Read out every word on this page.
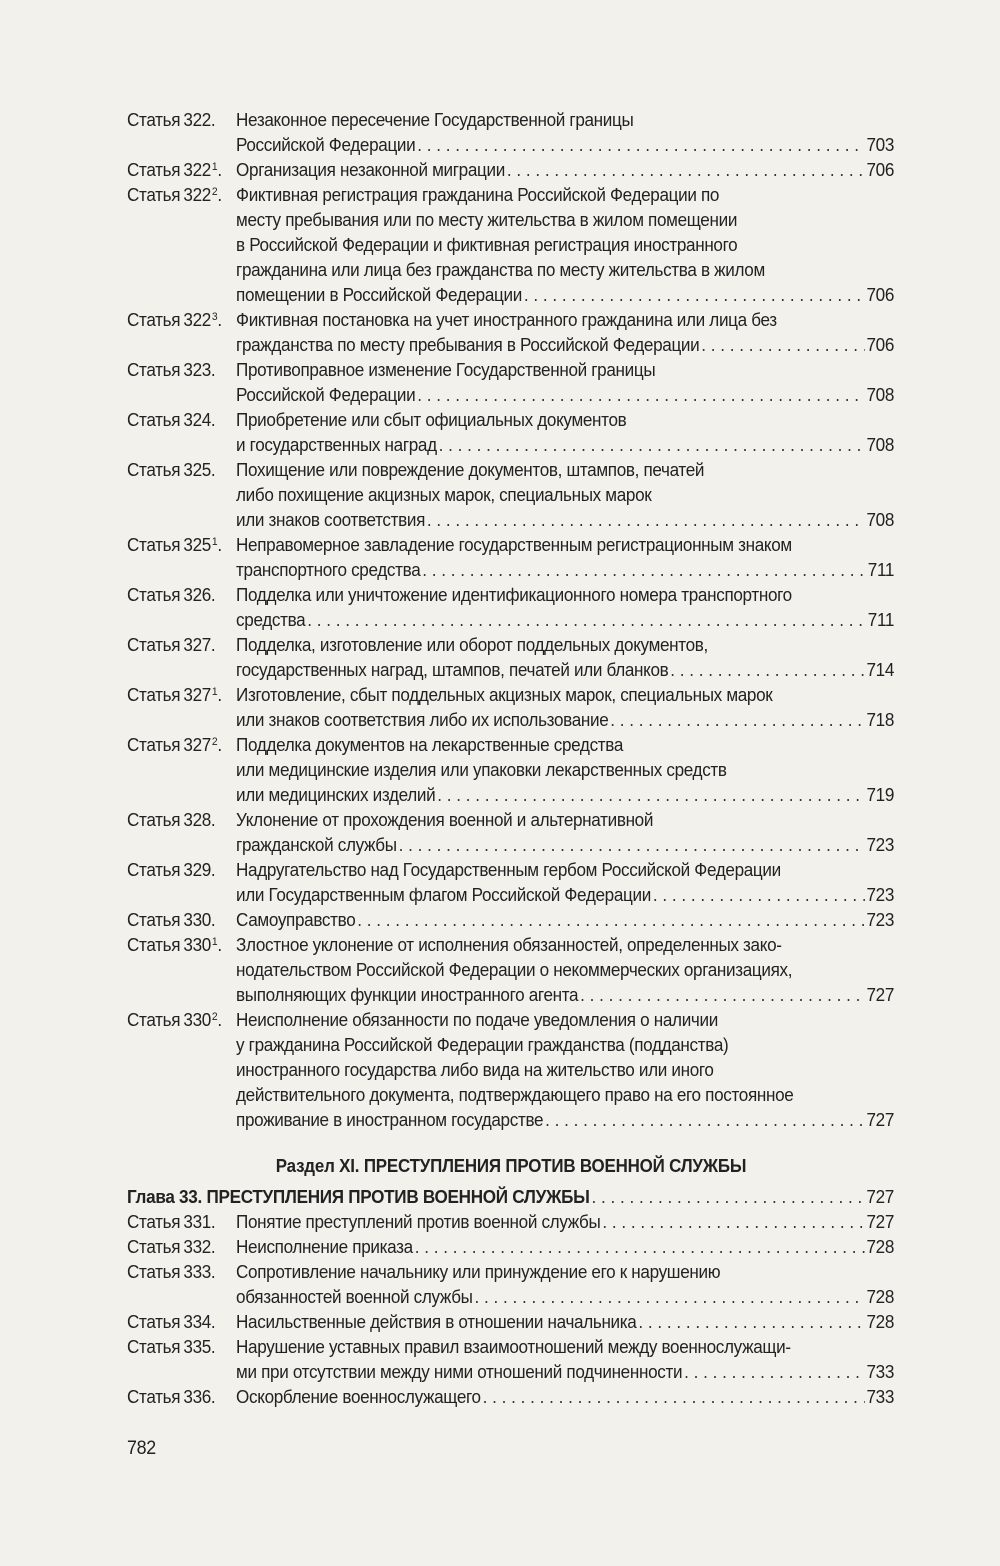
Статья 322.	Незаконное пересечение Государственной границы
Российской Федерации . . .	703
Статья $322^1$. Организация незаконной миграции . . .	706
Статья $322^2$. Фиктивная регистрация гражданина Российской Федерации по
месту пребывания или по месту жительства в жилом помещении
в Российской Федерации и фиктивная регистрация иностранного
гражданина или лица без гражданства по месту жительства в жилом
помещении в Российской Федерации . . .	706
Статья $322^3$. Фиктивная постановка на учет иностранного гражданина или лица без
гражданства по месту пребывания в Российской Федерации . . .	706
Статья 323.	Противоправное изменение Государственной границы
Российской Федерации . . .	708
Статья 324.	Приобретение или сбыт официальных документов
и государственных наград . . .	708
Статья 325.	Похищение или повреждение документов, штампов, печатей
либо похищение акцизных марок, специальных марок
или знаков соответствия . . .	708
Статья $325^1$. Неправомерное завладение государственным регистрационным знаком
транспортного средства . . .	711
Статья 326.	Подделка или уничтожение идентификационного номера транспортного
средства . . .	711
Статья 327.	Подделка, изготовление или оборот поддельных документов,
государственных наград, штампов, печатей или бланков . . .	714
Статья $327^1$. Изготовление, сбыт поддельных акцизных марок, специальных марок
или знаков соответствия либо их использование . . .	718
Статья $327^2$. Подделка документов на лекарственные средства
или медицинские изделия или упаковки лекарственных средств
или медицинских изделий . . .	719
Статья 328.	Уклонение от прохождения военной и альтернативной
гражданской службы . . .	723
Статья 329.	Надругательство над Государственным гербом Российской Федерации
или Государственным флагом Российской Федерации . . .	723
Статья 330.	Самоуправство . . .	723
Статья $330^1$. Злостное уклонение от исполнения обязанностей, определенных зако-
нодательством Российской Федерации о некоммерческих организациях,
выполняющих функции иностранного агента . . .	727
Статья $330^2$. Неисполнение обязанности по подаче уведомления о наличии
у гражданина Российской Федерации гражданства (подданства)
иностранного государства либо вида на жительство или иного
действительного документа, подтверждающего право на его постоянное
проживание в иностранном государстве . . .	727
Раздел XI. ПРЕСТУПЛЕНИЯ ПРОТИВ ВОЕННОЙ СЛУЖБЫ
Глава 33. ПРЕСТУПЛЕНИЯ ПРОТИВ ВОЕННОЙ СЛУЖБЫ . . .	727
Статья 331.	Понятие преступлений против военной службы . . .	727
Статья 332.	Неисполнение приказа . . .	728
Статья 333.	Сопротивление начальнику или принуждение его к нарушению
обязанностей военной службы . . .	728
Статья 334.	Насильственные действия в отношении начальника . . .	728
Статья 335.	Нарушение уставных правил взаимоотношений между военнослужащи-
ми при отсутствии между ними отношений подчиненности . . .	733
Статья 336.	Оскорбление военнослужащего . . .	733
782
